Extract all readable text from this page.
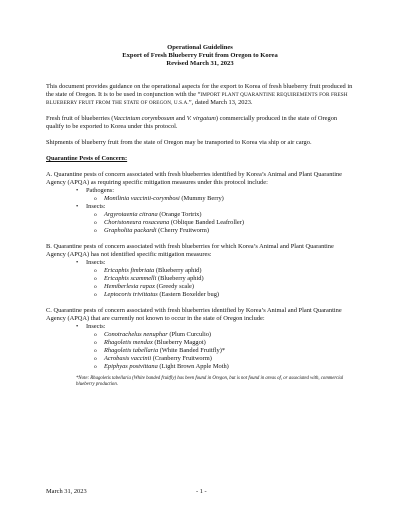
Operational Guidelines
Export of Fresh Blueberry Fruit from Oregon to Korea
Revised March 31, 2023

This document provides guidance on the operational aspects for the export to Korea of fresh blueberry fruit produced in the state of Oregon. It is to be used in conjunction with the “IMPORT PLANT QUARANTINE REQUIREMENTS FOR FRESH BLUEBERRY FRUIT FROM THE STATE OF OREGON, U.S.A.”, dated March 13, 2023.

Fresh fruit of blueberries (Vaccinium corymbosum and V. virgatum) commercially produced in the state of Oregon qualify to be exported to Korea under this protocol.

Shipments of blueberry fruit from the state of Oregon may be transported to Korea via ship or air cargo.

Quarantine Pests of Concern:

A. Quarantine pests of concern associated with fresh blueberries identified by Korea’s Animal and Plant Quarantine Agency (APQA) as requiring specific mitigation measures under this protocol include:

• Pathogens:
o Monilinia vaccinii-corymbosi (Mummy Berry)
• Insects:
o Argyrotaenia citrana (Orange Tortrix)
o Choristoneura rosaceana (Oblique Banded Leafroller)
o Grapholita packardi (Cherry Fruitworm)

B. Quarantine pests of concern associated with fresh blueberries for which Korea’s Animal and Plant Quarantine Agency (APQA) has not identified specific mitigation measures:

• Insects:
o Ericaphis fimbriata (Blueberry aphid)
o Ericaphis scammelli (Blueberry aphid)
o Hemiberlesia rapax (Greedy scale)
o Leptocoris trivittatus (Eastern Boxelder bug)

C. Quarantine pests of concern associated with fresh blueberries identified by Korea’s Animal and Plant Quarantine Agency (APQA) that are currently not known to occur in the state of Oregon include:

• Insects:
o Conotrachelus nenuphar (Plum Curculio)
o Rhagoletis mendax (Blueberry Maggot)
o Rhagoletis tabellaria (White Banded Fruitfly)*
o Acrobasis vaccinii (Cranberry Fruitworm)
o Epiphyas postvittana (Light Brown Apple Moth)

*Note: Rhagoletis tabellaria (White banded fruitfly) has been found in Oregon, but is not found in areas of, or associated with, commercial blueberry production.

March 31, 2023	- 1 -
